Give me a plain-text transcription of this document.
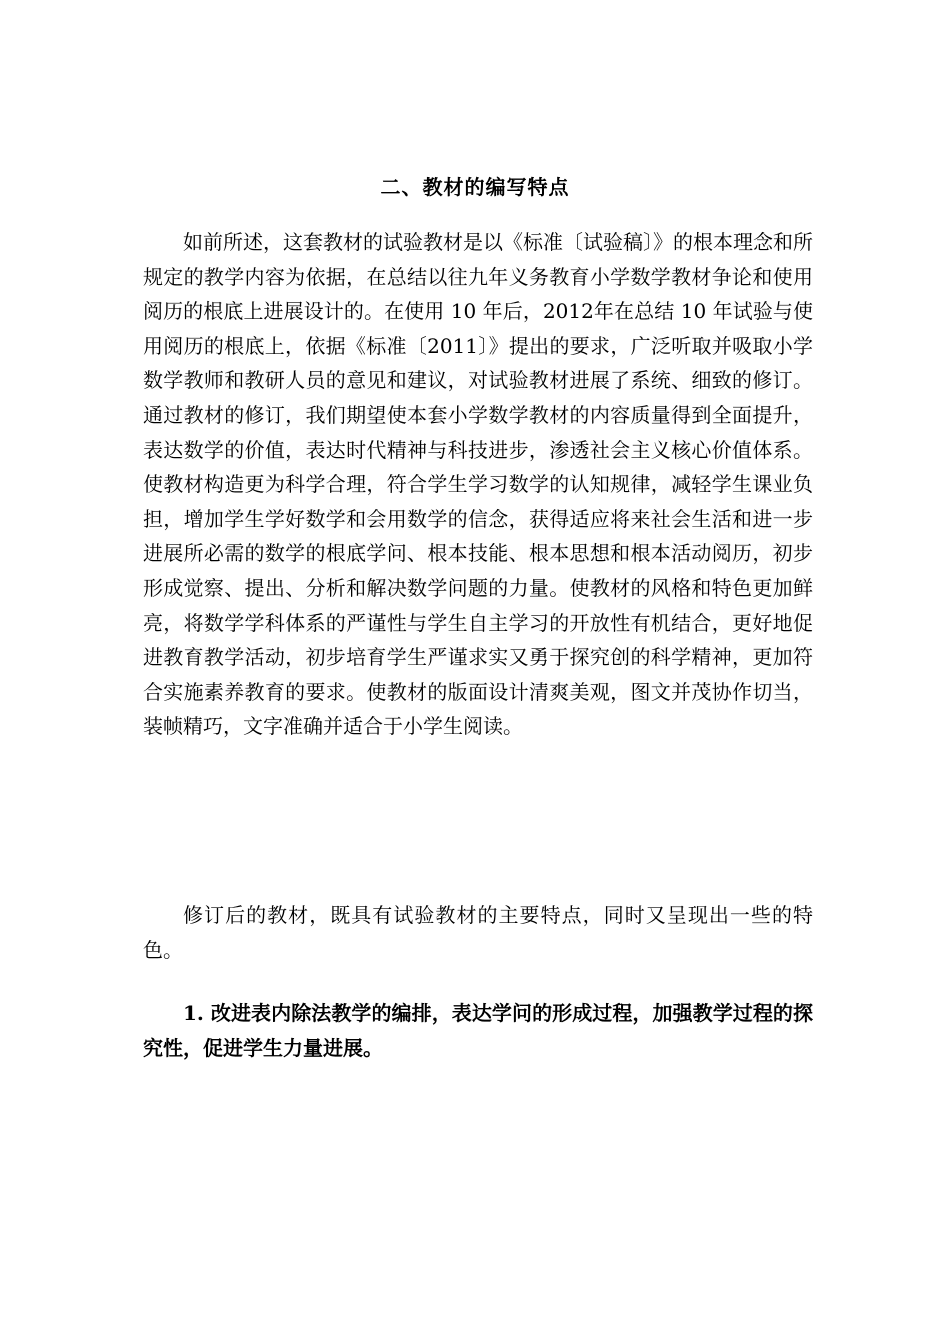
二、教材的编写特点

如前所述，这套教材的试验教材是以《标准〔试验稿〕》的根本理念和所规定的教学内容为依据，在总结以往九年义务教育小学数学教材争论和使用阅历的根底上进展设计的。在使用 10 年后，2012年在总结 10 年试验与使用阅历的根底上，依据《标准〔2011〕》提出的要求，广泛听取并吸取小学数学教师和教研人员的意见和建议，对试验教材进展了系统、细致的修订。通过教材的修订，我们期望使本套小学数学教材的内容质量得到全面提升，表达数学的价值，表达时代精神与科技进步，渗透社会主义核心价值体系。使教材构造更为科学合理，符合学生学习数学的认知规律，减轻学生课业负担，增加学生学好数学和会用数学的信念，获得适应将来社会生活和进一步进展所必需的数学的根底学问、根本技能、根本思想和根本活动阅历，初步形成觉察、提出、分析和解决数学问题的力量。使教材的风格和特色更加鲜亮，将数学学科体系的严谨性与学生自主学习的开放性有机结合，更好地促进教育教学活动，初步培育学生严谨求实又勇于探究创的科学精神，更加符合实施素养教育的要求。使教材的版面设计清爽美观，图文并茂协作切当，装帧精巧，文字准确并适合于小学生阅读。

修订后的教材，既具有试验教材的主要特点，同时又呈现出一些的特色。

1. 改进表内除法教学的编排，表达学问的形成过程，加强教学过程的探究性，促进学生力量进展。
